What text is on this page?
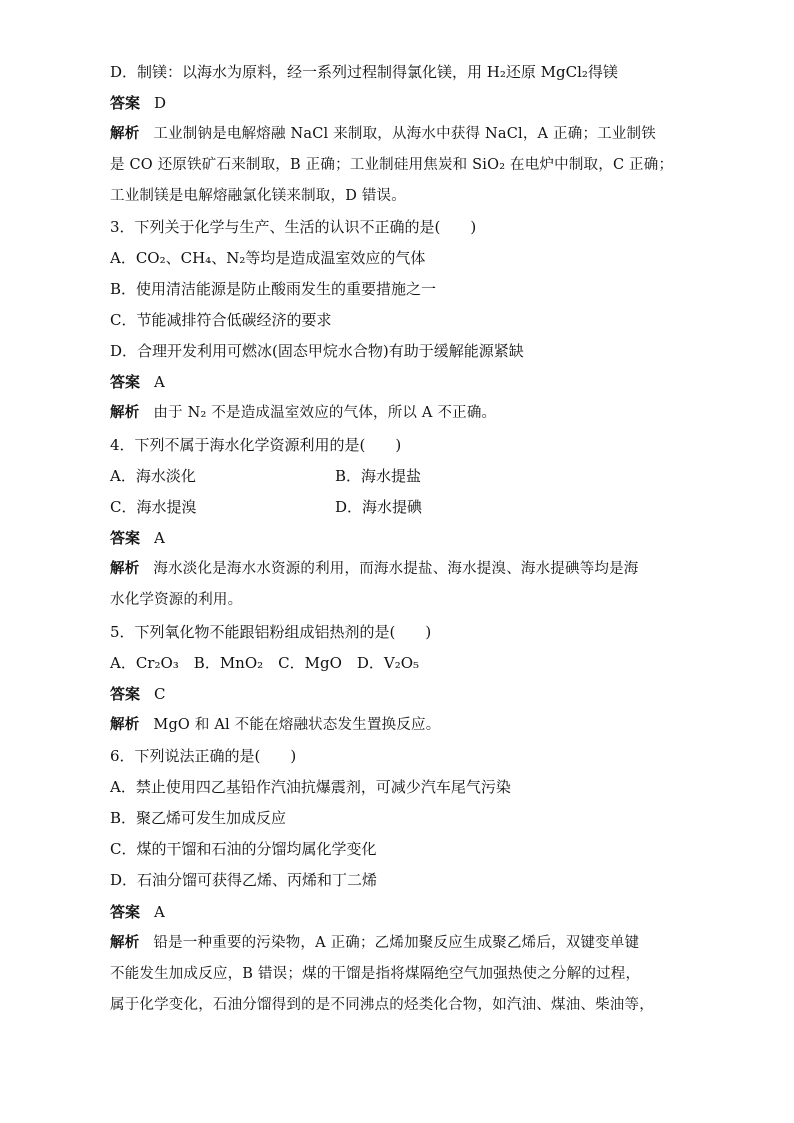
D．制镁：以海水为原料，经一系列过程制得氯化镁，用 H₂还原 MgCl₂得镁
答案 D
解析 工业制钠是电解熔融 NaCl 来制取，从海水中获得 NaCl，A 正确；工业制铁
是 CO 还原铁矿石来制取，B 正确；工业制硅用焦炭和 SiO₂ 在电炉中制取，C 正确；
工业制镁是电解熔融氯化镁来制取，D 错误。
3．下列关于化学与生产、生活的认识不正确的是(　　)
A．CO₂、CH₄、N₂等均是造成温室效应的气体
B．使用清洁能源是防止酸雨发生的重要措施之一
C．节能减排符合低碳经济的要求
D．合理开发利用可燃冰(固态甲烷水合物)有助于缓解能源紧缺
答案 A
解析 由于 N₂ 不是造成温室效应的气体，所以 A 不正确。
4．下列不属于海水化学资源利用的是(　　)
A．海水淡化	B．海水提盐
C．海水提溴	D．海水提碘
答案 A
解析 海水淡化是海水水资源的利用，而海水提盐、海水提溴、海水提碘等均是海
水化学资源的利用。
5．下列氧化物不能跟铝粉组成铝热剂的是(　　)
A．Cr₂O₃　B．MnO₂　C．MgO　D．V₂O₅
答案 C
解析 MgO 和 Al 不能在熔融状态发生置换反应。
6．下列说法正确的是(　　)
A．禁止使用四乙基铅作汽油抗爆震剂，可减少汽车尾气污染
B．聚乙烯可发生加成反应
C．煤的干馏和石油的分馏均属化学变化
D．石油分馏可获得乙烯、丙烯和丁二烯
答案 A
解析 铅是一种重要的污染物，A 正确；乙烯加聚反应生成聚乙烯后，双键变单键
不能发生加成反应，B 错误；煤的干馏是指将煤隔绝空气加强热使之分解的过程，
属于化学变化，石油分馏得到的是不同沸点的烃类化合物，如汽油、煤油、柴油等，
